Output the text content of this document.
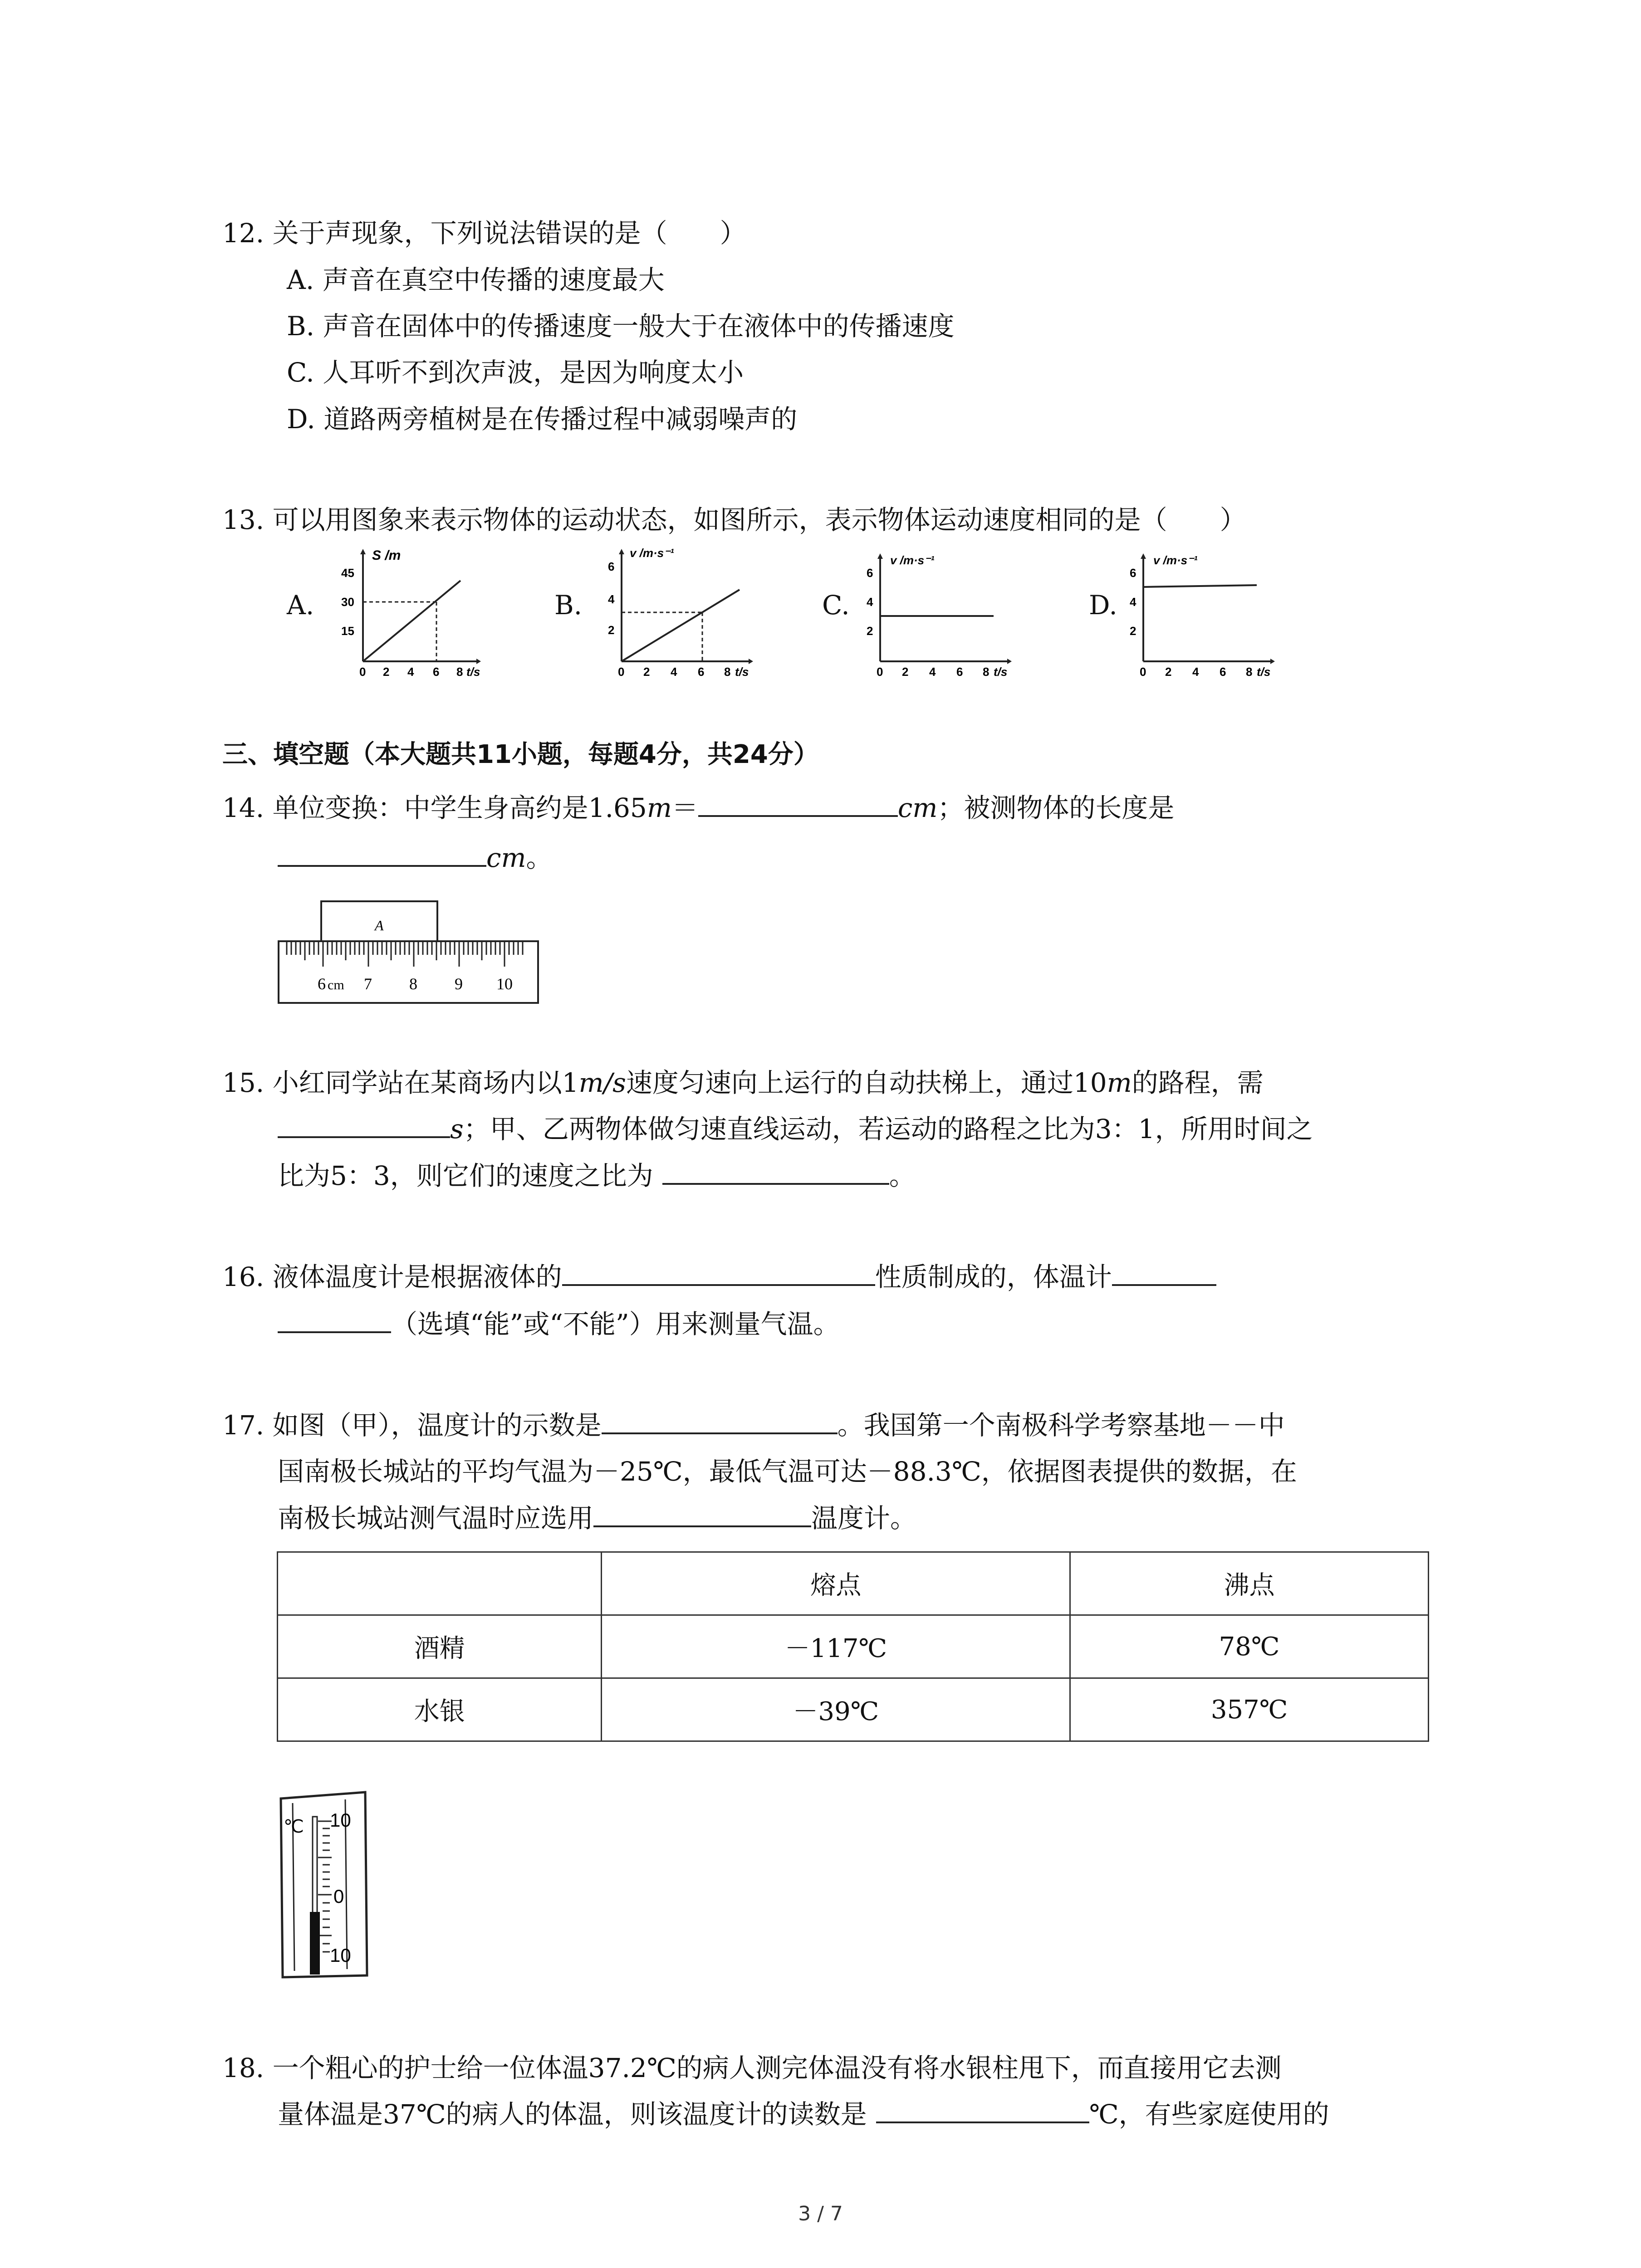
12. 关于声现象，下列说法错误的是（　　）
A. 声音在真空中传播的速度最大
B. 声音在固体中的传播速度一般大于在液体中的传播速度
C. 人耳听不到次声波，是因为响度太小
D. 道路两旁植树是在传播过程中减弱噪声的
13. 可以用图象来表示物体的运动状态，如图所示，表示物体运动速度相同的是（　　）
A.	B.	C.	D.
S /m
45
30
15
0 2 4 6 8 t/s
v /m·s⁻¹
6
4
2
0 2 4 6 8 t/s
v /m·s⁻¹
6
4
2
0 2 4 6 8 t/s
v /m·s⁻¹
6
4
2
0 2 4 6 8 t/s
三、填空题（本大题共11小题，每题4分，共24分）
14. 单位变换：中学生身高约是1.65m＝	cm；被测物体的长度是
cm。
A
6 cm 7 8 9 10
15. 小红同学站在某商场内以1m/s速度匀速向上运行的自动扶梯上，通过10m的路程，需
s；甲、乙两物体做匀速直线运动，若运动的路程之比为3：1，所用时间之
比为5：3，则它们的速度之比为	。
16. 液体温度计是根据液体的	性质制成的，体温计
（选填“能”或“不能”）用来测量气温。
17. 如图（甲），温度计的示数是	。我国第一个南极科学考察基地－－中
国南极长城站的平均气温为－25℃，最低气温可达－88.3℃，依据图表提供的数据，在
南极长城站测气温时应选用	温度计。
	熔点	沸点
酒精	－117℃	78℃
水银	－39℃	357℃
℃ 10
0
10
18. 一个粗心的护士给一位体温37.2℃的病人测完体温没有将水银柱甩下，而直接用它去测
量体温是37℃的病人的体温，则该温度计的读数是	℃，有些家庭使用的
3 / 7
